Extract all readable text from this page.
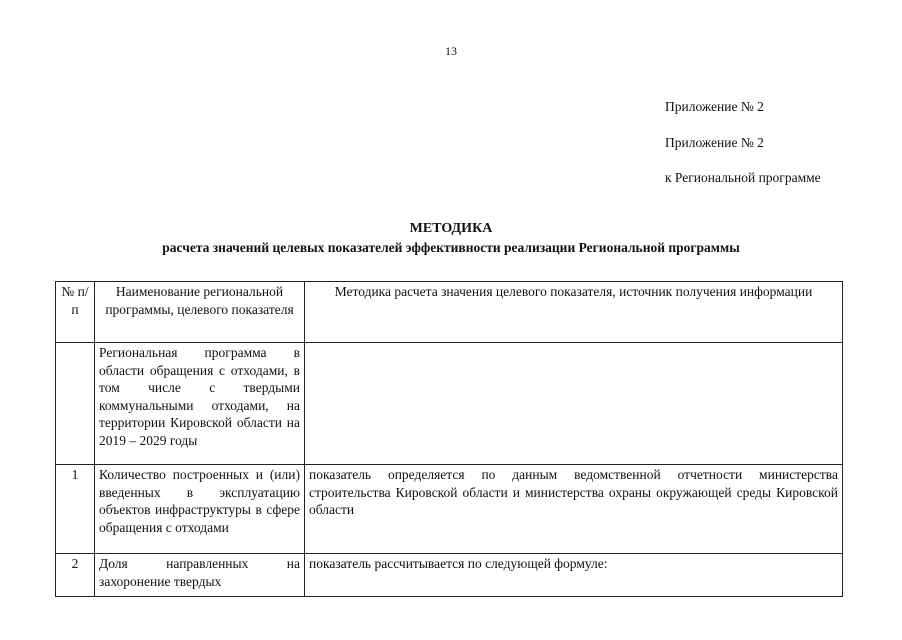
13
Приложение № 2
Приложение № 2
к Региональной программе
МЕТОДИКА
расчета значений целевых показателей эффективности реализации Региональной программы
№ п/п	Наименование региональной программы, целевого показателя	Методика расчета значения целевого показателя, источник получения информации
	Региональная программа в области обращения с отходами, в том числе с твердыми коммунальными отходами, на территории Кировской области на 2019 – 2029 годы	
1	Количество построенных и (или) введенных в эксплуатацию объектов инфраструктуры в сфере обращения с отходами	показатель определяется по данным ведомственной отчетности министерства строительства Кировской области и министерства охраны окружающей среды Кировской области
2	Доля направленных на захоронение твердых	показатель рассчитывается по следующей формуле:
